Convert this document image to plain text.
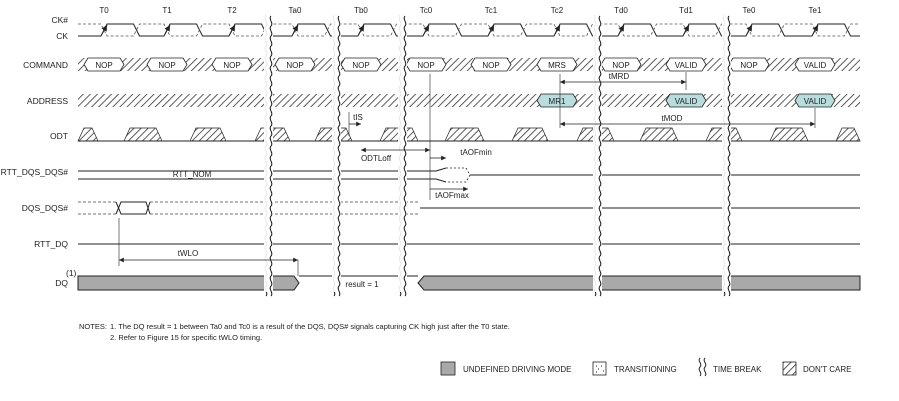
CK#
CK
COMMAND
ADDRESS
ODT
RTT_DQS_DQS#
DQS_DQS#
RTT_DQ
DQ
(1)
T0	T1	T2	Ta0	Tb0	Tc0	Tc1	Tc2	Td0	Td1	Te0	Te1
NOP	NOP	NOP	NOP	NOP	NOP	NOP	MRS	NOP	VALID	NOP	VALID
MR1	VALID	VALID
RTT_NOM
result = 1
tMRD
tMOD
tIS
ODTLoff
tAOFmin
tAOFmax
tWLO
NOTES: 1. The DQ result = 1 between Ta0 and Tc0 is a result of the DQS, DQS# signals capturing CK high just after the T0 state.
2. Refer to Figure 15 for specific tWLO timing.
UNDEFINED DRIVING MODE	TRANSITIONING	TIME BREAK	DON'T CARE
